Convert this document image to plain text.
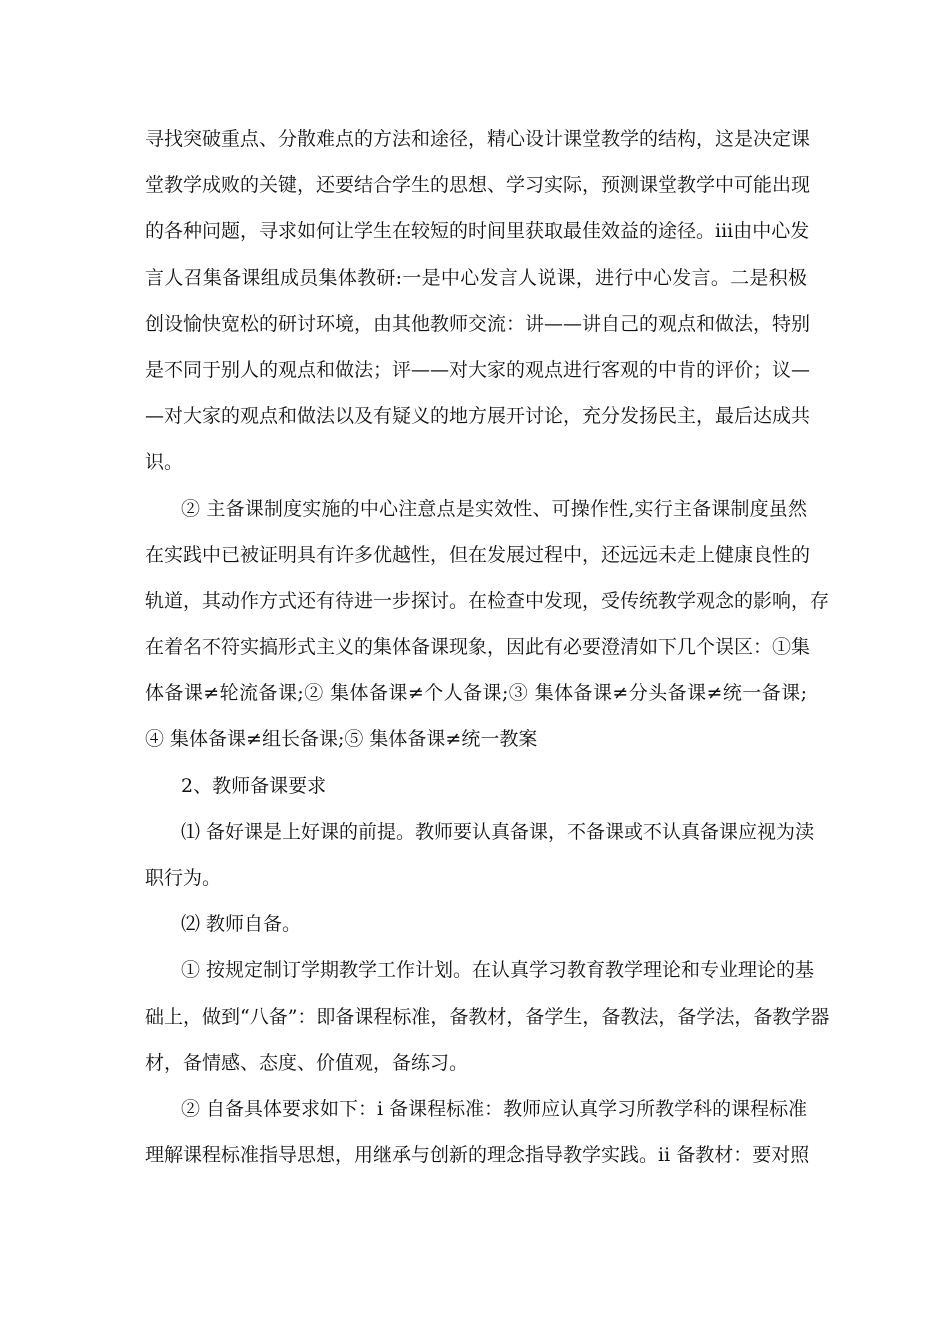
寻找突破重点、分散难点的方法和途径，精心设计课堂教学的结构，这是决定课
堂教学成败的关键，还要结合学生的思想、学习实际，预测课堂教学中可能出现
的各种问题，寻求如何让学生在较短的时间里获取最佳效益的途径。iii由中心发
言人召集备课组成员集体教研:一是中心发言人说课，进行中心发言。二是积极
创设愉快宽松的研讨环境，由其他教师交流：讲——讲自己的观点和做法，特别
是不同于别人的观点和做法；评——对大家的观点进行客观的中肯的评价；议—
—对大家的观点和做法以及有疑义的地方展开讨论，充分发扬民主，最后达成共
识。
② 主备课制度实施的中心注意点是实效性、可操作性,实行主备课制度虽然
在实践中已被证明具有许多优越性，但在发展过程中，还远远未走上健康良性的
轨道，其动作方式还有待进一步探讨。在检查中发现，受传统教学观念的影响，存
在着名不符实搞形式主义的集体备课现象，因此有必要澄清如下几个误区：①集
体备课≠轮流备课;② 集体备课≠个人备课;③ 集体备课≠分头备课≠统一备课;
④ 集体备课≠组长备课;⑤ 集体备课≠统一教案
2、教师备课要求
⑴ 备好课是上好课的前提。教师要认真备课，不备课或不认真备课应视为渎
职行为。
⑵ 教师自备。
① 按规定制订学期教学工作计划。在认真学习教育教学理论和专业理论的基
础上，做到“八备”：即备课程标准，备教材，备学生，备教法，备学法，备教学器
材，备情感、态度、价值观，备练习。
② 自备具体要求如下：ⅰ 备课程标准：教师应认真学习所教学科的课程标准
理解课程标准指导思想，用继承与创新的理念指导教学实践。ⅱ 备教材：要对照
